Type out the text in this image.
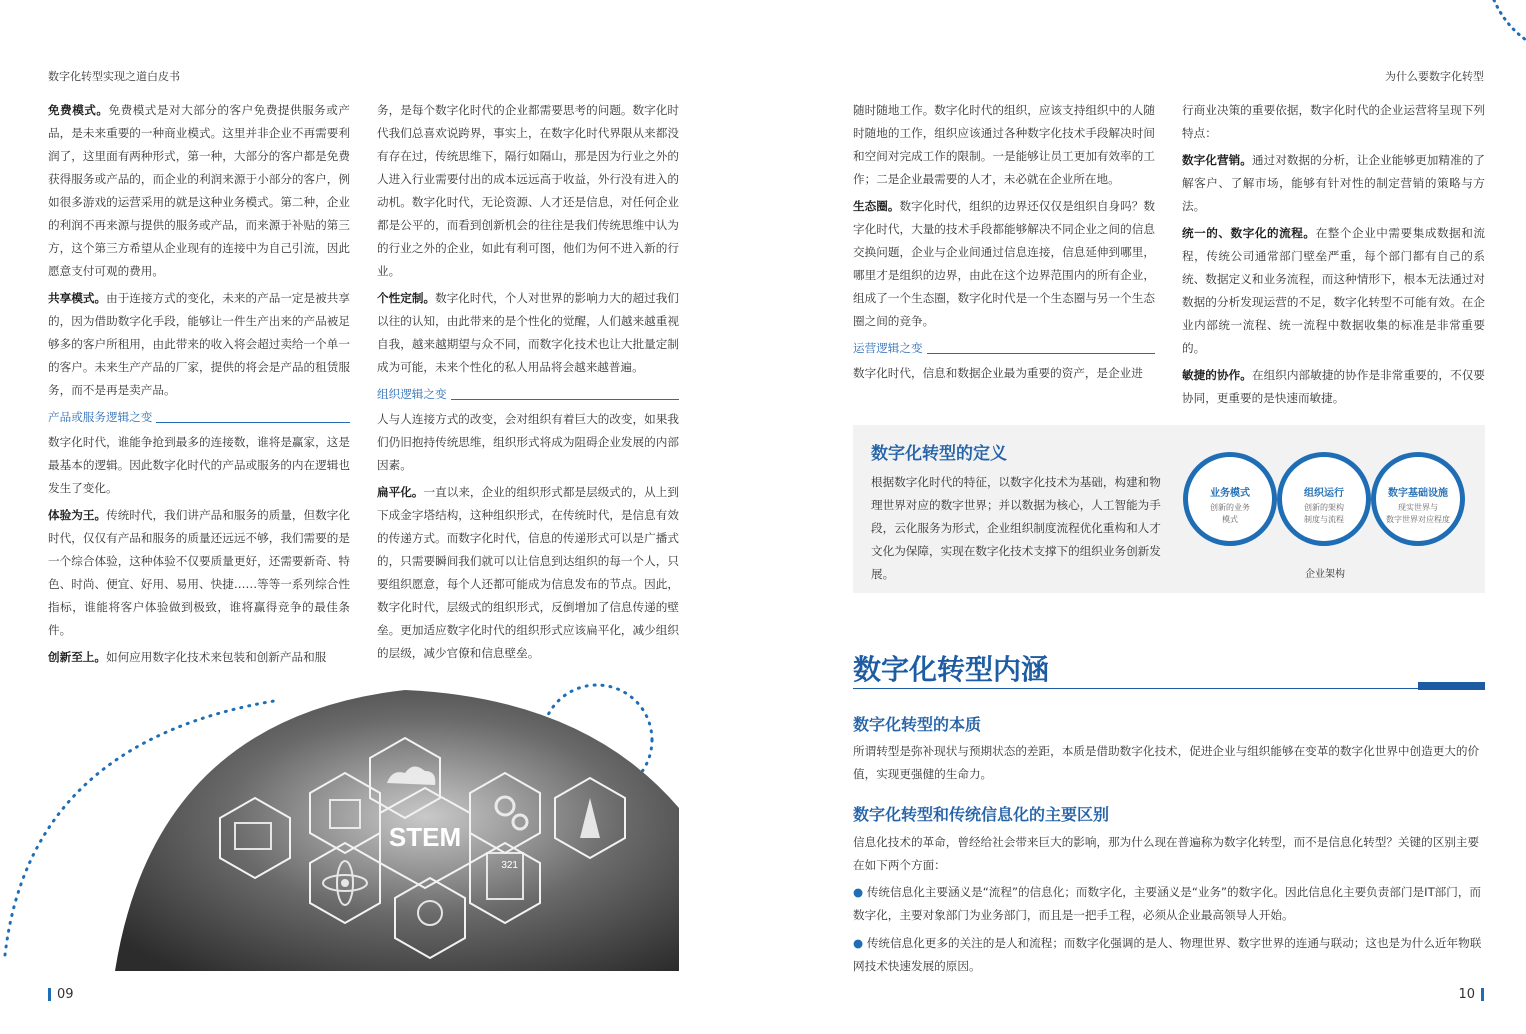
数字化转型实现之道白皮书	为什么要数字化转型

免费模式。免费模式是对大部分的客户免费提供服务或产品，是未来重要的一种商业模式。这里并非企业不再需要利润了，这里面有两种形式，第一种，大部分的客户都是免费获得服务或产品的，而企业的利润来源于小部分的客户，例如很多游戏的运营采用的就是这种业务模式。第二种，企业的利润不再来源与提供的服务或产品，而来源于补贴的第三方，这个第三方希望从企业现有的连接中为自己引流，因此愿意支付可观的费用。

共享模式。由于连接方式的变化，未来的产品一定是被共享的，因为借助数字化手段，能够让一件生产出来的产品被足够多的客户所租用，由此带来的收入将会超过卖给一个单一的客户。未来生产产品的厂家，提供的将会是产品的租赁服务，而不是再是卖产品。

产品或服务逻辑之变

数字化时代，谁能争抢到最多的连接数，谁将是赢家，这是最基本的逻辑。因此数字化时代的产品或服务的内在逻辑也发生了变化。

体验为王。传统时代，我们讲产品和服务的质量，但数字化时代，仅仅有产品和服务的质量还远远不够，我们需要的是一个综合体验，这种体验不仅要质量更好，还需要新奇、特色、时尚、便宜、好用、易用、快捷……等等一系列综合性指标，谁能将客户体验做到极致，谁将赢得竞争的最佳条件。

创新至上。如何应用数字化技术来包装和创新产品和服

务，是每个数字化时代的企业都需要思考的问题。数字化时代我们总喜欢说跨界，事实上，在数字化时代界限从来都没有存在过，传统思维下，隔行如隔山，那是因为行业之外的人进入行业需要付出的成本远远高于收益，外行没有进入的动机。数字化时代，无论资源、人才还是信息，对任何企业都是公平的，而看到创新机会的往往是我们传统思维中认为的行业之外的企业，如此有利可图，他们为何不进入新的行业。

个性定制。数字化时代，个人对世界的影响力大的超过我们以往的认知，由此带来的是个性化的觉醒，人们越来越重视自我，越来越期望与众不同，而数字化技术也让大批量定制成为可能，未来个性化的私人用品将会越来越普遍。

组织逻辑之变

人与人连接方式的改变，会对组织有着巨大的改变，如果我们仍旧抱持传统思维，组织形式将成为阻碍企业发展的内部因素。

扁平化。一直以来，企业的组织形式都是层级式的，从上到下成金字塔结构，这种组织形式，在传统时代，是信息有效的传递方式。而数字化时代，信息的传递形式可以是广播式的，只需要瞬间我们就可以让信息到达组织的每一个人，只要组织愿意，每个人还都可能成为信息发布的节点。因此，数字化时代，层级式的组织形式，反倒增加了信息传递的壁垒。更加适应数字化时代的组织形式应该扁平化，减少组织的层级，减少官僚和信息壁垒。

STEM
321
09	10

随时随地工作。数字化时代的组织，应该支持组织中的人随时随地的工作，组织应该通过各种数字化技术手段解决时间和空间对完成工作的限制。一是能够让员工更加有效率的工作；二是企业最需要的人才，未必就在企业所在地。

生态圈。数字化时代，组织的边界还仅仅是组织自身吗？数字化时代，大量的技术手段都能够解决不同企业之间的信息交换问题，企业与企业间通过信息连接，信息延伸到哪里，哪里才是组织的边界，由此在这个边界范围内的所有企业，组成了一个生态圈，数字化时代是一个生态圈与另一个生态圈之间的竞争。

运营逻辑之变

数字化时代，信息和数据企业最为重要的资产，是企业进

行商业决策的重要依据，数字化时代的企业运营将呈现下列特点：

数字化营销。通过对数据的分析，让企业能够更加精准的了解客户、了解市场，能够有针对性的制定营销的策略与方法。

统一的、数字化的流程。在整个企业中需要集成数据和流程，传统公司通常部门壁垒严重，每个部门都有自己的系统、数据定义和业务流程，而这种情形下，根本无法通过对数据的分析发现运营的不足，数字化转型不可能有效。在企业内部统一流程、统一流程中数据收集的标准是非常重要的。

敏捷的协作。在组织内部敏捷的协作是非常重要的，不仅要协同，更重要的是快速而敏捷。

数字化转型的定义
根据数字化时代的特征，以数字化技术为基础，构建和物理世界对应的数字世界；并以数据为核心，人工智能为手段，云化服务为形式，企业组织制度流程优化重构和人才文化为保障，实现在数字化技术支撑下的组织业务创新发展。
业务模式
创新的业务
模式
组织运行
创新的架构
制度与流程
数字基础设施
现实世界与
数字世界对应程度
企业架构
数字化转型内涵
数字化转型的本质
所谓转型是弥补现状与预期状态的差距，本质是借助数字化技术，促进企业与组织能够在变革的数字化世界中创造更大的价值，实现更强健的生命力。
数字化转型和传统信息化的主要区别
信息化技术的革命，曾经给社会带来巨大的影响，那为什么现在普遍称为数字化转型，而不是信息化转型？关键的区别主要在如下两个方面：
● 传统信息化主要涵义是“流程”的信息化；而数字化，主要涵义是“业务”的数字化。因此信息化主要负责部门是IT部门，而数字化，主要对象部门为业务部门，而且是一把手工程，必须从企业最高领导人开始。
● 传统信息化更多的关注的是人和流程；而数字化强调的是人、物理世界、数字世界的连通与联动；这也是为什么近年物联网技术快速发展的原因。
